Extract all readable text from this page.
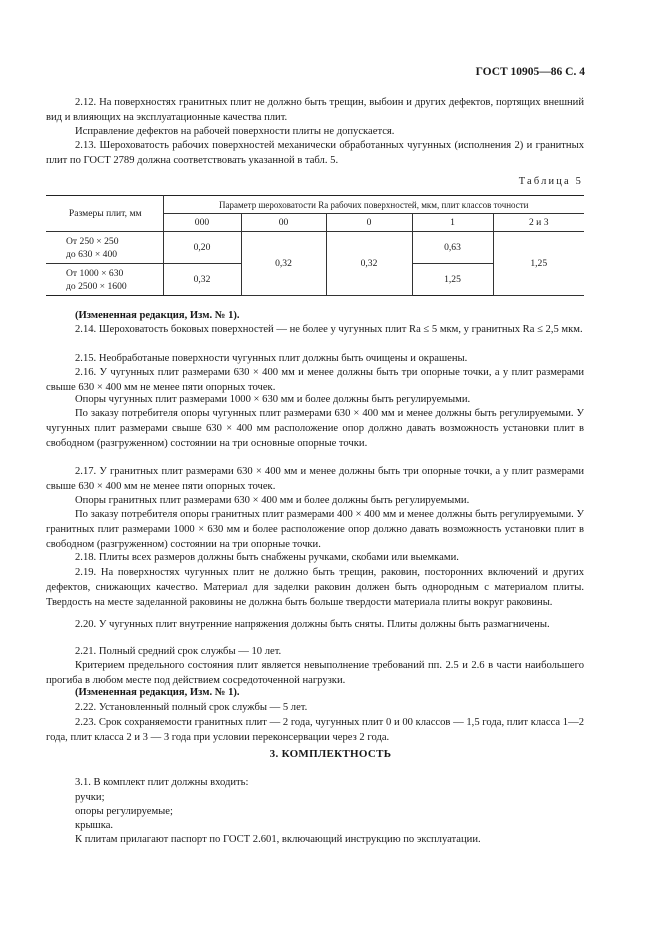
ГОСТ 10905—86 С. 4
2.12. На поверхностях гранитных плит не должно быть трещин, выбоин и других дефектов, портящих внешний вид и влияющих на эксплуатационные качества плит.
Исправление дефектов на рабочей поверхности плиты не допускается.
2.13. Шероховатость рабочих поверхностей механически обработанных чугунных (исполнения 2) и гранитных плит по ГОСТ 2789 должна соответствовать указанной в табл. 5.
Таблица 5
Размеры плит, мм	Параметр шероховатости Ra рабочих поверхностей, мкм, плит классов точности				
	000	00	0	1	2 и 3

От 250 × 250
до 630 × 400	0,20	0,32	0,32	0,63	1,25

От 1000 × 630
до 2500 × 1600	0,32			1,25	
(Измененная редакция, Изм. № 1).
2.14. Шероховатость боковых поверхностей — не более у чугунных плит Ra ≤ 5 мкм, у гранитных Ra ≤ 2,5 мкм.
2.15. Необработаные поверхности чугунных плит должны быть очищены и окрашены.
2.16. У чугунных плит размерами 630 × 400 мм и менее должны быть три опорные точки, а у плит размерами свыше 630 × 400 мм не менее пяти опорных точек.
Опоры чугунных плит размерами 1000 × 630 мм и более должны быть регулируемыми.
По заказу потребителя опоры чугунных плит размерами 630 × 400 мм и менее должны быть регулируемыми. У чугунных плит размерами свыше 630 × 400 мм расположение опор должно давать возможность установки плит в свободном (разгруженном) состоянии на три основные опорные точки.
2.17. У гранитных плит размерами 630 × 400 мм и менее должны быть три опорные точки, а у плит размерами свыше 630 × 400 мм не менее пяти опорных точек.
Опоры гранитных плит размерами 630 × 400 мм и более должны быть регулируемыми.
По заказу потребителя опоры гранитных плит размерами 400 × 400 мм и менее должны быть регулируемыми. У гранитных плит размерами 1000 × 630 мм и более расположение опор должно давать возможность установки плит в свободном (разгруженном) состоянии на три опорные точки.
2.18. Плиты всех размеров должны быть снабжены ручками, скобами или выемками.
2.19. На поверхностях чугунных плит не должно быть трещин, раковин, посторонних включений и других дефектов, снижающих качество. Материал для заделки раковин должен быть однородным с материалом плиты. Твердость на месте заделанной раковины не должна быть больше твердости материала плиты вокруг раковины.
2.20. У чугунных плит внутренние напряжения должны быть сняты. Плиты должны быть размагничены.
2.21. Полный средний срок службы — 10 лет.
Критерием предельного состояния плит является невыполнение требований пп. 2.5 и 2.6 в части наибольшего прогиба в любом месте под действием сосредоточенной нагрузки.
(Измененная редакция, Изм. № 1).
2.22. Установленный полный срок службы — 5 лет.
2.23. Срок сохраняемости гранитных плит — 2 года, чугунных плит 0 и 00 классов — 1,5 года, плит класса 1—2 года, плит класса 2 и 3 — 3 года при условии переконсервации через 2 года.
3. КОМПЛЕКТНОСТЬ
3.1. В комплект плит должны входить:
ручки;
опоры регулируемые;
крышка.
К плитам прилагают паспорт по ГОСТ 2.601, включающий инструкцию по эксплуатации.
